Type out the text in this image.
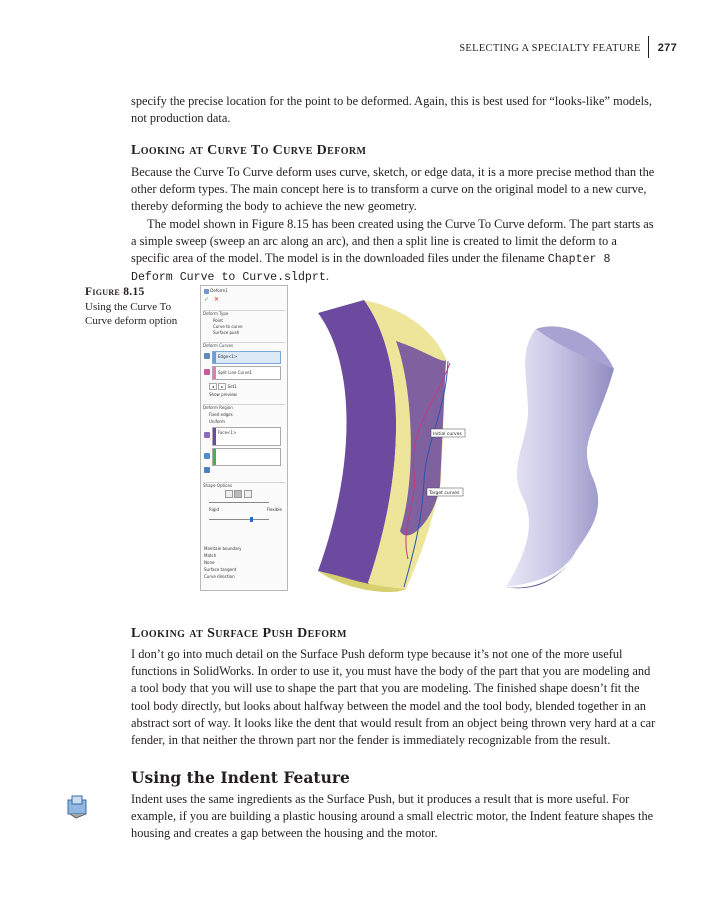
SELECTING A SPECIALTY FEATURE	277

specify the precise location for the point to be deformed. Again, this is best used for “looks-like” models, not production data.

Looking at Curve To Curve Deform

Because the Curve To Curve deform uses curve, sketch, or edge data, it is a more precise method than the other deform types. The main concept here is to transform a curve on the original model to a new curve, thereby deforming the body to achieve the new geometry.

The model shown in Figure 8.15 has been created using the Curve To Curve deform. The part starts as a simple sweep (sweep an arc along an arc), and then a split line is created to limit the deform to a specific area of the model. The model is in the downloaded files under the filename Chapter 8 Deform Curve to Curve.sldprt.

Figure 8.15
Using the Curve To Curve deform option
Deform1
✓ ✕
Deform Type
Point
Curve to curve
Surface push
Deform Curves
Edge<1>
Split Line Curve1
◂ ▸ Set1
Show preview
Deform Region
Fixed edges
Uniform
Face<1>
Shape Options

Rigid	Flexible

Maintain boundary
Match
None
Surface tangent
Curve direction
Initial curves
Target curves
Looking at Surface Push Deform

I don’t go into much detail on the Surface Push deform type because it’s not one of the more useful functions in SolidWorks. In order to use it, you must have the body of the part that you are modeling and a tool body that you will use to shape the part that you are modeling. The finished shape doesn’t fit the tool body directly, but looks about halfway between the model and the tool body, blended together in an abstract sort of way. It looks like the dent that would result from an object being thrown very hard at a car fender, in that neither the thrown part nor the fender is immediately recognizable from the result.

Using the Indent Feature

Indent uses the same ingredients as the Surface Push, but it produces a result that is more useful. For example, if you are building a plastic housing around a small electric motor, the Indent feature shapes the housing and creates a gap between the housing and the motor.
